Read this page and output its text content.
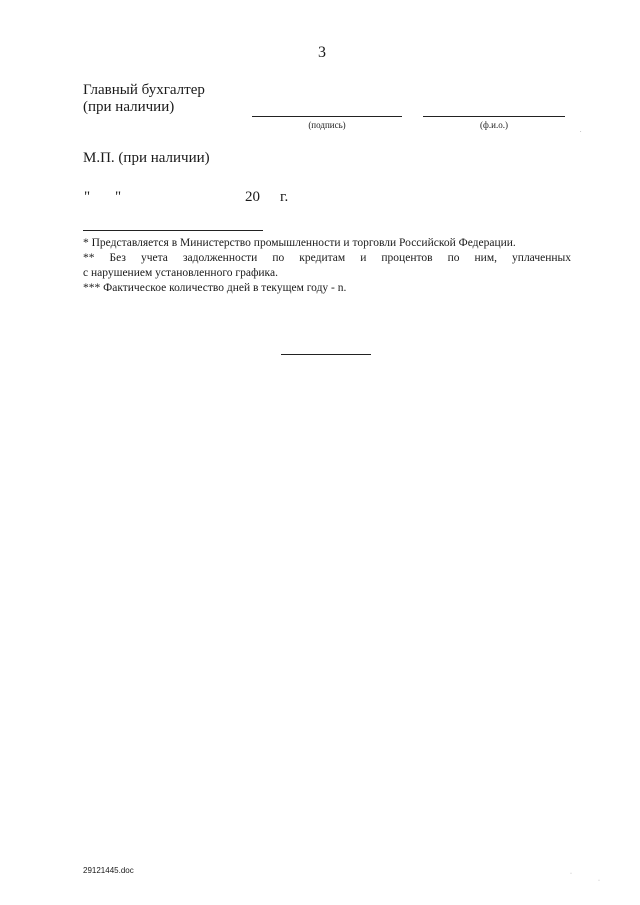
3
Главный бухгалтер
(при наличии)
(подпись)	(ф.и.о.)
М.П. (при наличии)
" "	20 г.
* Представляется в Министерство промышленности и торговли Российской Федерации.
** Без учета задолженности по кредитам и процентов по ним, уплаченных
с нарушением установленного графика.
*** Фактическое количество дней в текущем году - n.
29121445.doc
.
·
·
